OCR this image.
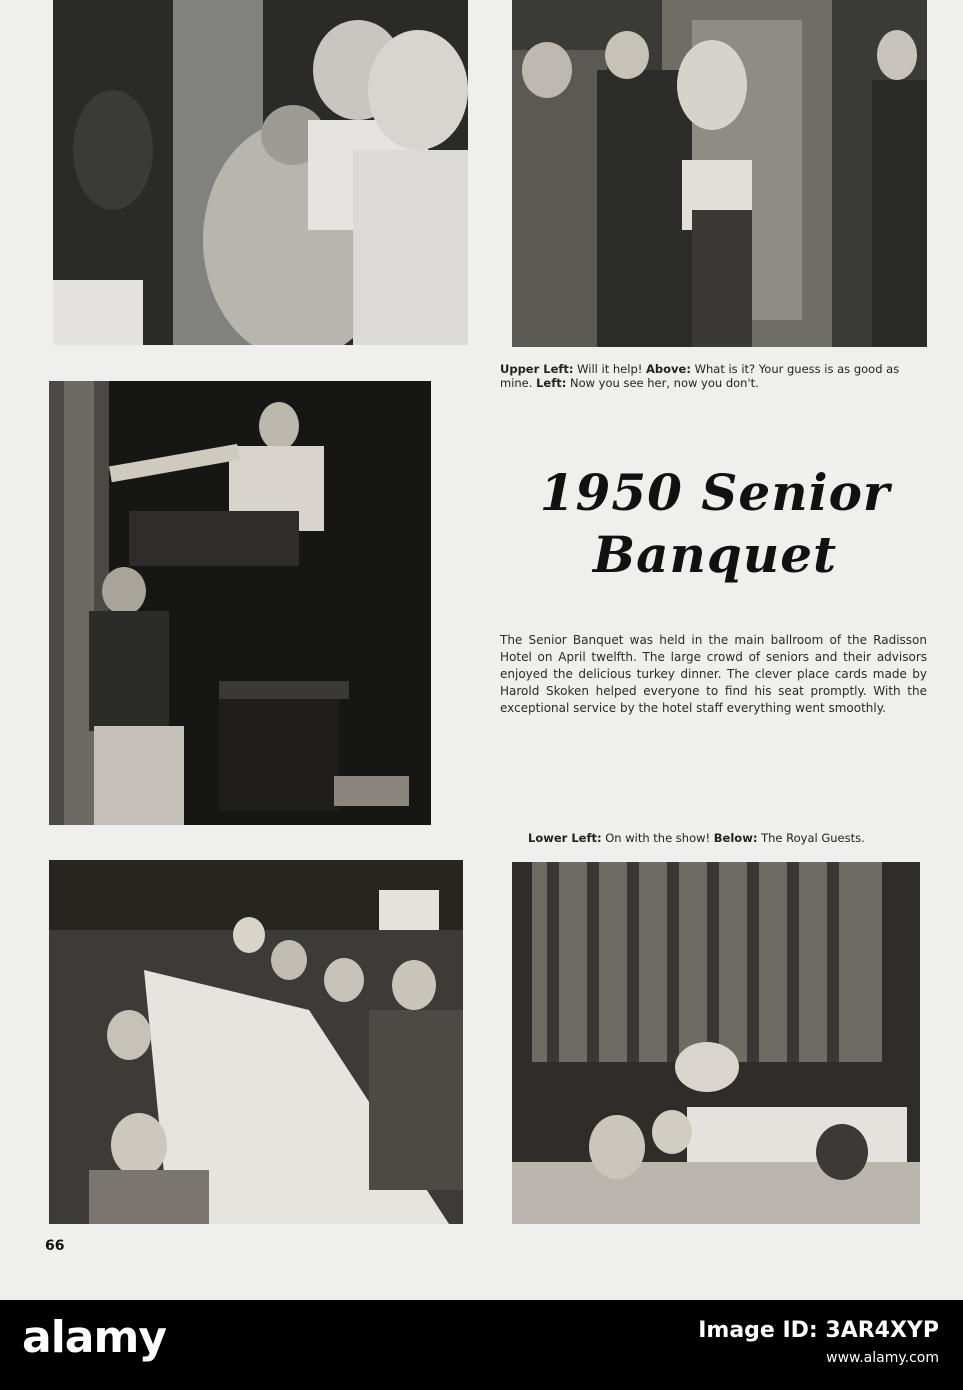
Upper Left: Will it help! Above: What is it? Your guess is as good as mine. Left: Now you see her, now you don't.
1950 Senior
Banquet
The Senior Banquet was held in the main ballroom of the Radisson Hotel on April twelfth. The large crowd of seniors and their advisors enjoyed the delicious turkey dinner. The clever place cards made by Harold Skoken helped everyone to find his seat promptly. With the exceptional service by the hotel staff everything went smoothly.
Lower Left: On with the show! Below: The Royal Guests.
66
alamy	Image ID: 3AR4XYP
www.alamy.com
